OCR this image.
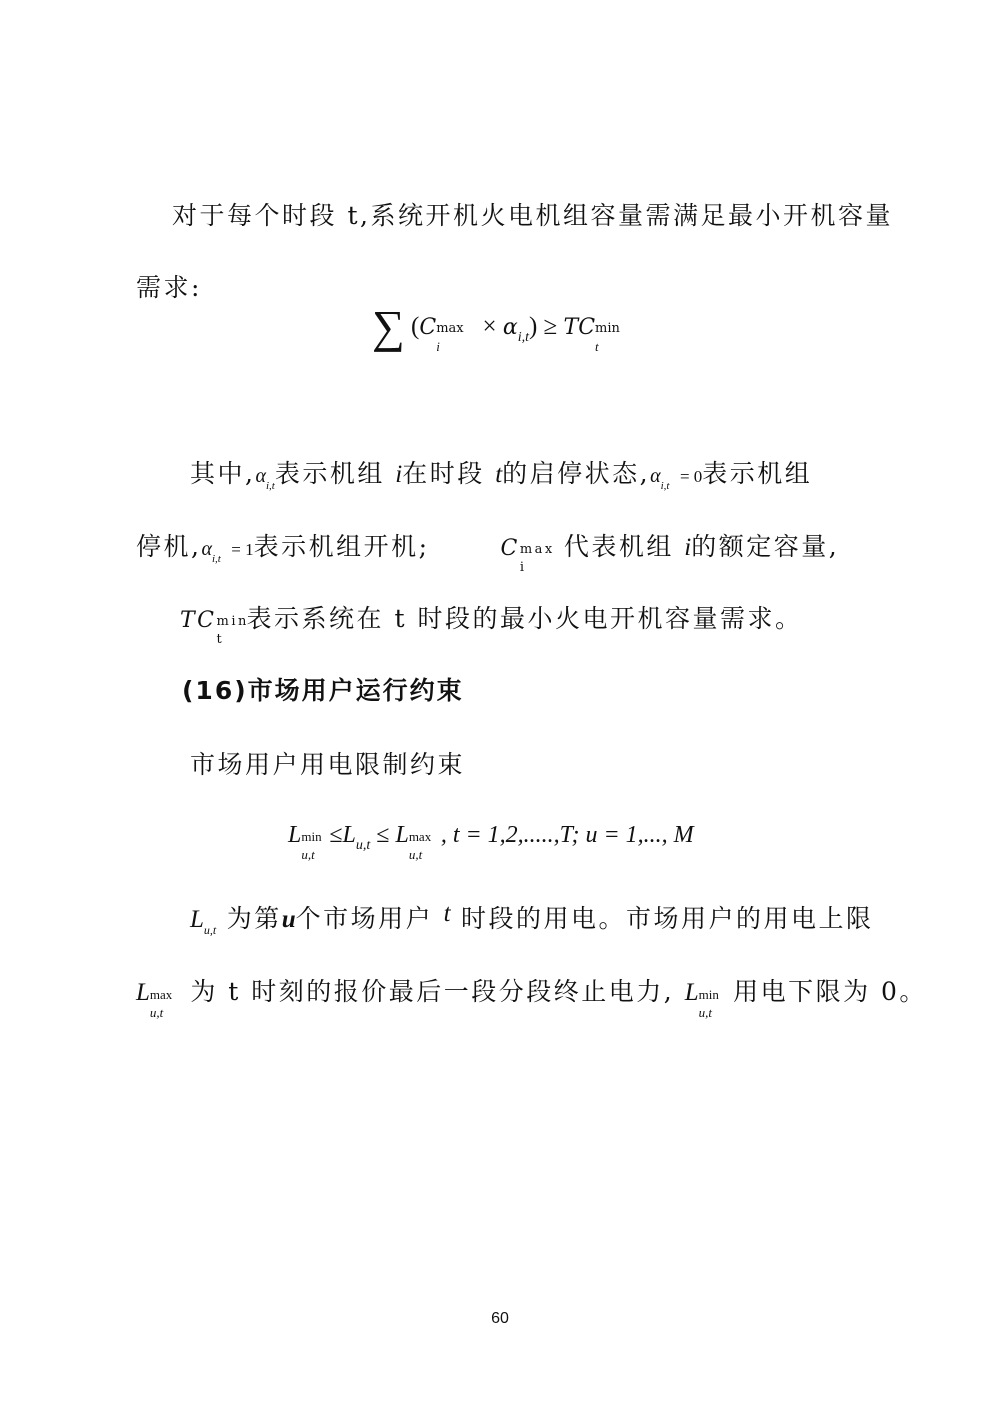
对于每个时段 t,系统开机火电机组容量需满足最小开机容量
需求:
∑ (C max
i
× $\alpha_{i,t}$) ≥ TC min
t
其中$,\alpha_{i,t}$表示机组 i在时段 t的启停状态$,\alpha_{i,t} = 0$表示机组
停机$,\alpha_{i,t} = 1$表示机组开机;	C max
i
代表机组 i的额定容量,
TC min
t
表示系统在 t 时段的最小火电开机容量需求。
(16)市场用户运行约束
市场用户用电限制约束
L min
u,t
$\le L_{u,t} \le L$ max
u,t
, t = 1,2,.....,T; u = 1,..., M
$L_{u,t}$ 为第u个市场用户 t 时段的用电。市场用户的用电上限
L max
u,t
为 t 时刻的报价最后一段分段终止电力, L min
u,t
用电下限为 0。
60
